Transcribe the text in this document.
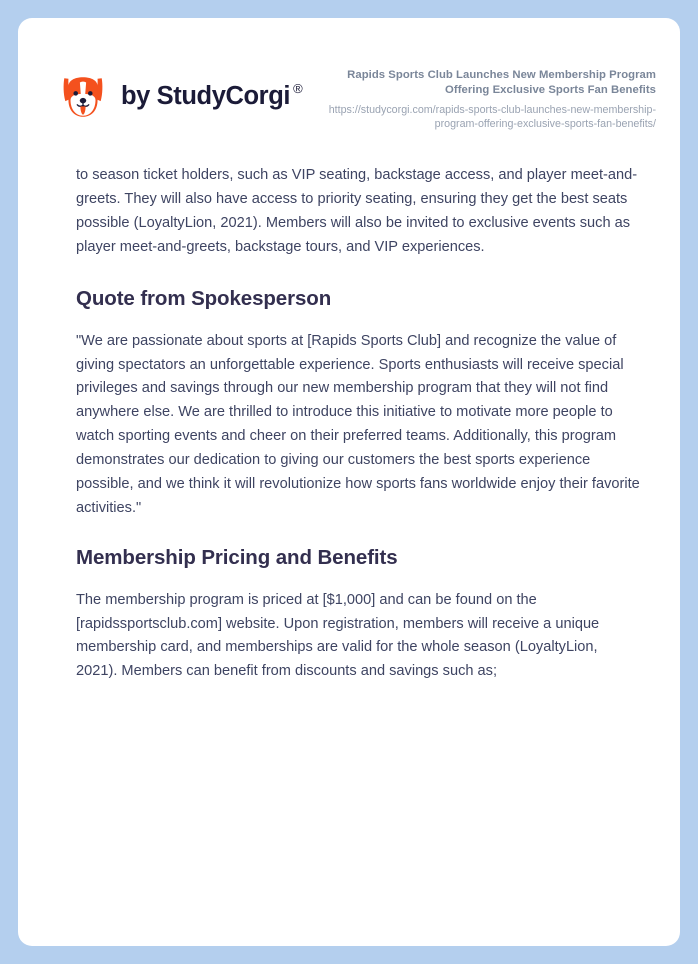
by StudyCorgi ®

Rapids Sports Club Launches New Membership Program Offering Exclusive Sports Fan Benefits

https://studycorgi.com/rapids-sports-club-launches-new-membership-program-offering-exclusive-sports-fan-benefits/

to season ticket holders, such as VIP seating, backstage access, and player meet-and-greets. They will also have access to priority seating, ensuring they get the best seats possible (LoyaltyLion, 2021). Members will also be invited to exclusive events such as player meet-and-greets, backstage tours, and VIP experiences.

Quote from Spokesperson

"We are passionate about sports at [Rapids Sports Club] and recognize the value of giving spectators an unforgettable experience. Sports enthusiasts will receive special privileges and savings through our new membership program that they will not find anywhere else. We are thrilled to introduce this initiative to motivate more people to watch sporting events and cheer on their preferred teams. Additionally, this program demonstrates our dedication to giving our customers the best sports experience possible, and we think it will revolutionize how sports fans worldwide enjoy their favorite activities."

Membership Pricing and Benefits

The membership program is priced at [$1,000] and can be found on the [rapidssportsclub.com] website. Upon registration, members will receive a unique membership card, and memberships are valid for the whole season (LoyaltyLion, 2021). Members can benefit from discounts and savings such as;
